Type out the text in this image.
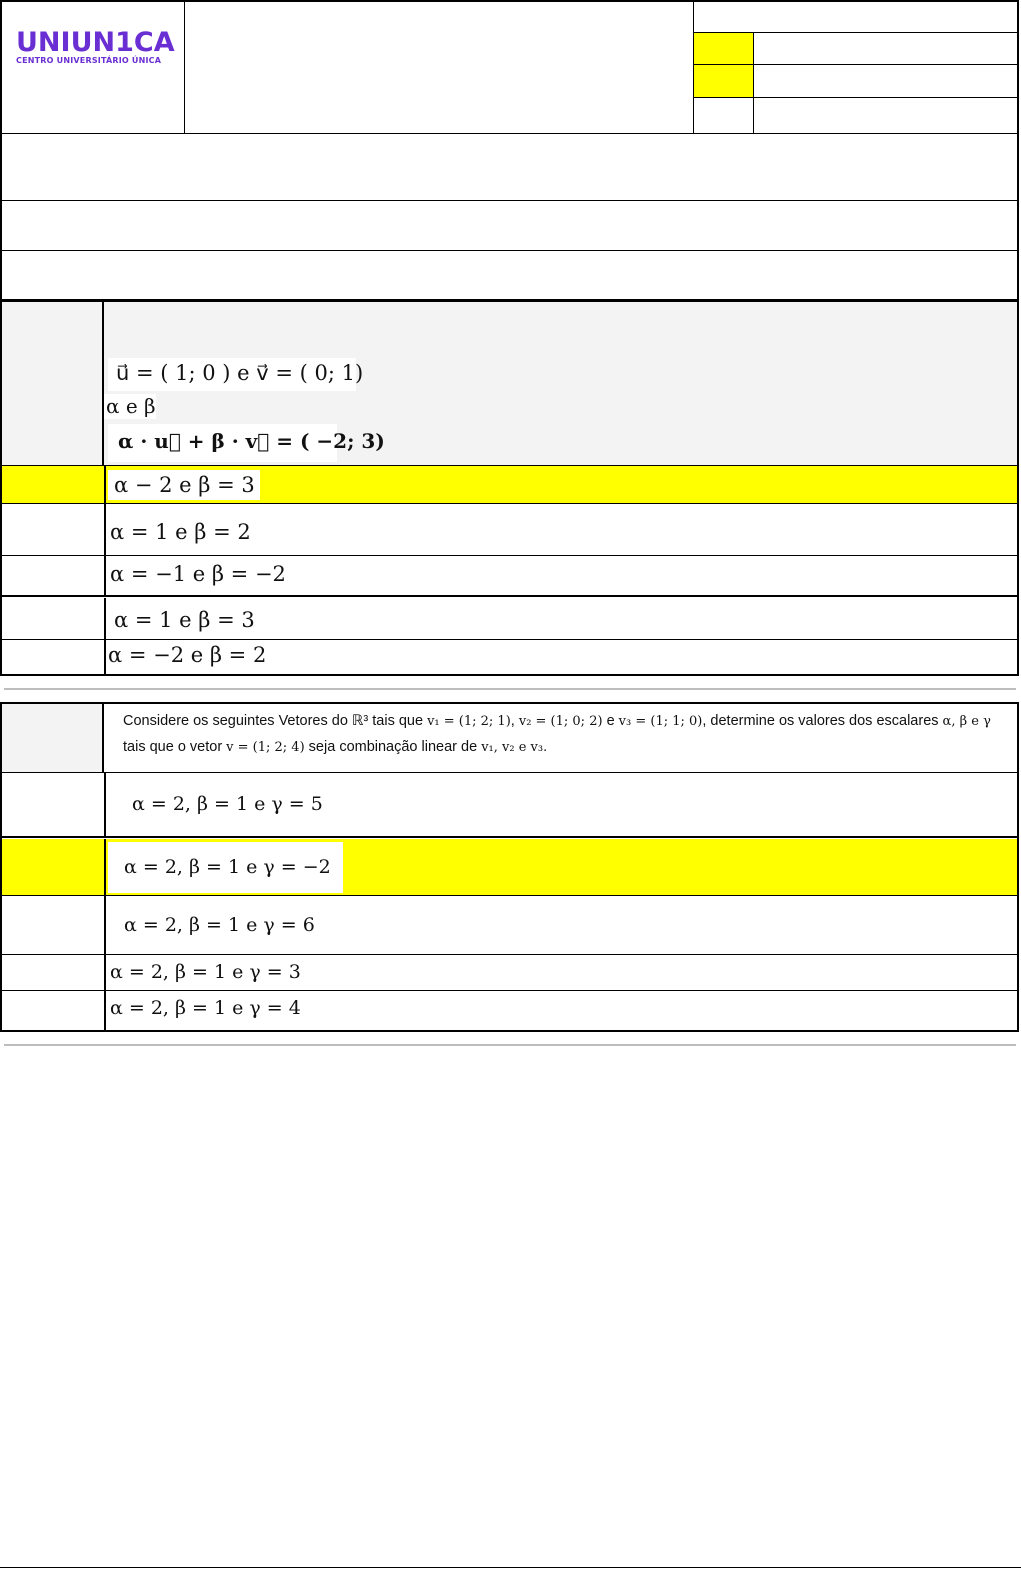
UNIUN1CA
CENTRO UNIVERSITÁRIO ÚNICA
u⃗ = ( 1; 0 ) e v⃗ = ( 0; 1)
α e β
α · u⃗ + β · v⃗ = ( −2; 3)
α − 2 e β = 3
α = 1 e β = 2
α = −1 e β = −2
α = 1 e β = 3
α = −2 e β = 2
Considere os seguintes Vetores do ℝ³ tais que v₁ = (1; 2; 1), v₂ = (1; 0; 2) e v₃ = (1; 1; 0), determine os valores dos escalares α, β e γ
tais que o vetor v = (1; 2; 4) seja combinação linear de v₁, v₂ e v₃.
α = 2, β = 1 e γ = 5
α = 2, β = 1 e γ = −2
α = 2, β = 1 e γ = 6
α = 2, β = 1 e γ = 3
α = 2, β = 1 e γ = 4
